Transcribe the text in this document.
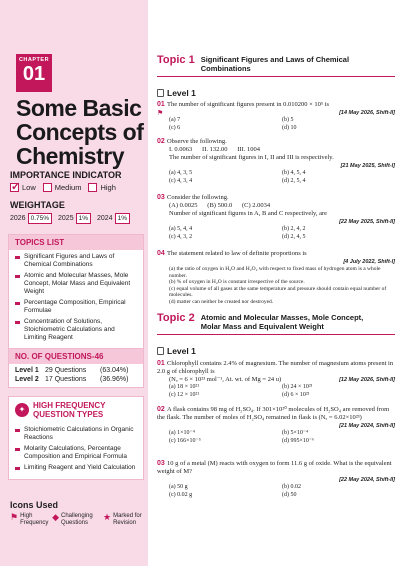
CHAPTER
01
Some Basic Concepts of Chemistry
IMPORTANCE INDICATOR
✓ Low	Medium	High
WEIGHTAGE
2026 0.75%	2025 1%	2024 1%
TOPICS LIST
Significant Figures and Laws of Chemical Combinations
Atomic and Molecular Masses, Mole Concept, Molar Mass and Equivalent Weight
Percentage Composition, Empirical Formulae
Concentration of Solutions, Stoichiometric Calculations and Limiting Reagent
NO. OF QUESTIONS-46
Level 1 29 Questions	(63.04%)
Level 2 17 Questions	(36.96%)
✦ HIGH FREQUENCY
QUESTION TYPES
Stoichiometric Calculations in Organic Reactions
Molarity Calculations, Percentage Composition and Empirical Formula
Limiting Reagent and Yield Calculation
Icons Used
⚑ High Frequency
◆ Challenging Questions
★ Marked for Revision
Topic 1 Significant Figures and Laws of Chemical Combinations
Level 1
01 The number of significant figures present in 0.010200 × 10⁵ is
⚑	[14 May 2026, Shift-II]
(a) 7	(b) 5
(c) 6	(d) 10
02 Observe the following.
I. 0.0063      II. 132.00      III. 1004
The number of significant figures in I, II and III is respectively.
[21 May 2025, Shift-I]
(a) 4, 3, 5	(b) 4, 5, 4
(c) 4, 3, 4	(d) 2, 5, 4
03 Consider the following.
(A) 0.0025      (B) 500.0      (C) 2.0034
Number of significant figures in A, B and C respectively, are
[22 May 2025, Shift-II]
(a) 5, 4, 4	(b) 2, 4, 2
(c) 4, 3, 2	(d) 2, 4, 5
04 The statement related to law of definite proportions is
[4 July 2022, Shift-I]
(a) the ratio of oxygen in H₂O and H₂O₂ with respect to fixed mass of hydrogen atom is a whole number.
(b) % of oxygen in H₂O is constant irrespective of the source.
(c) equal volume of all gases at the same temperature and pressure should contain equal number of molecules.
(d) matter can neither be created nor destroyed.
Topic 2 Atomic and Molecular Masses, Mole Concept, Molar Mass and Equivalent Weight
Level 1
01 Chlorophyll contains 2.4% of magnesium. The number of magnesium atoms present in 2.0 g of chlorophyll is
(Nₐ = 6 × 10²³ mol⁻¹, At. wt. of Mg = 24 u)	[12 May 2026, Shift-II]
(a) 18 × 10²¹	(b) 24 × 10²¹
(c) 12 × 10²¹	(d) 6 × 10²¹
02 A flask contains 98 mg of H₂SO₄. If 301×10²⁰ molecules of H₂SO₄ are removed from the flask. The number of moles of H₂SO₄ remained in flask is (Nₐ = 6.02×10²³)
[21 May 2024, Shift-II]
(a) 1×10⁻⁴	(b) 5×10⁻⁴
(c) 166×10⁻⁵	(d) 995×10⁻⁶
03 10 g of a metal (M) reacts with oxygen to form 11.6 g of oxide. What is the equivalent weight of M?
[22 May 2024, Shift-II]
(a) 50 g	(b) 0.02
(c) 0.02 g	(d) 50
